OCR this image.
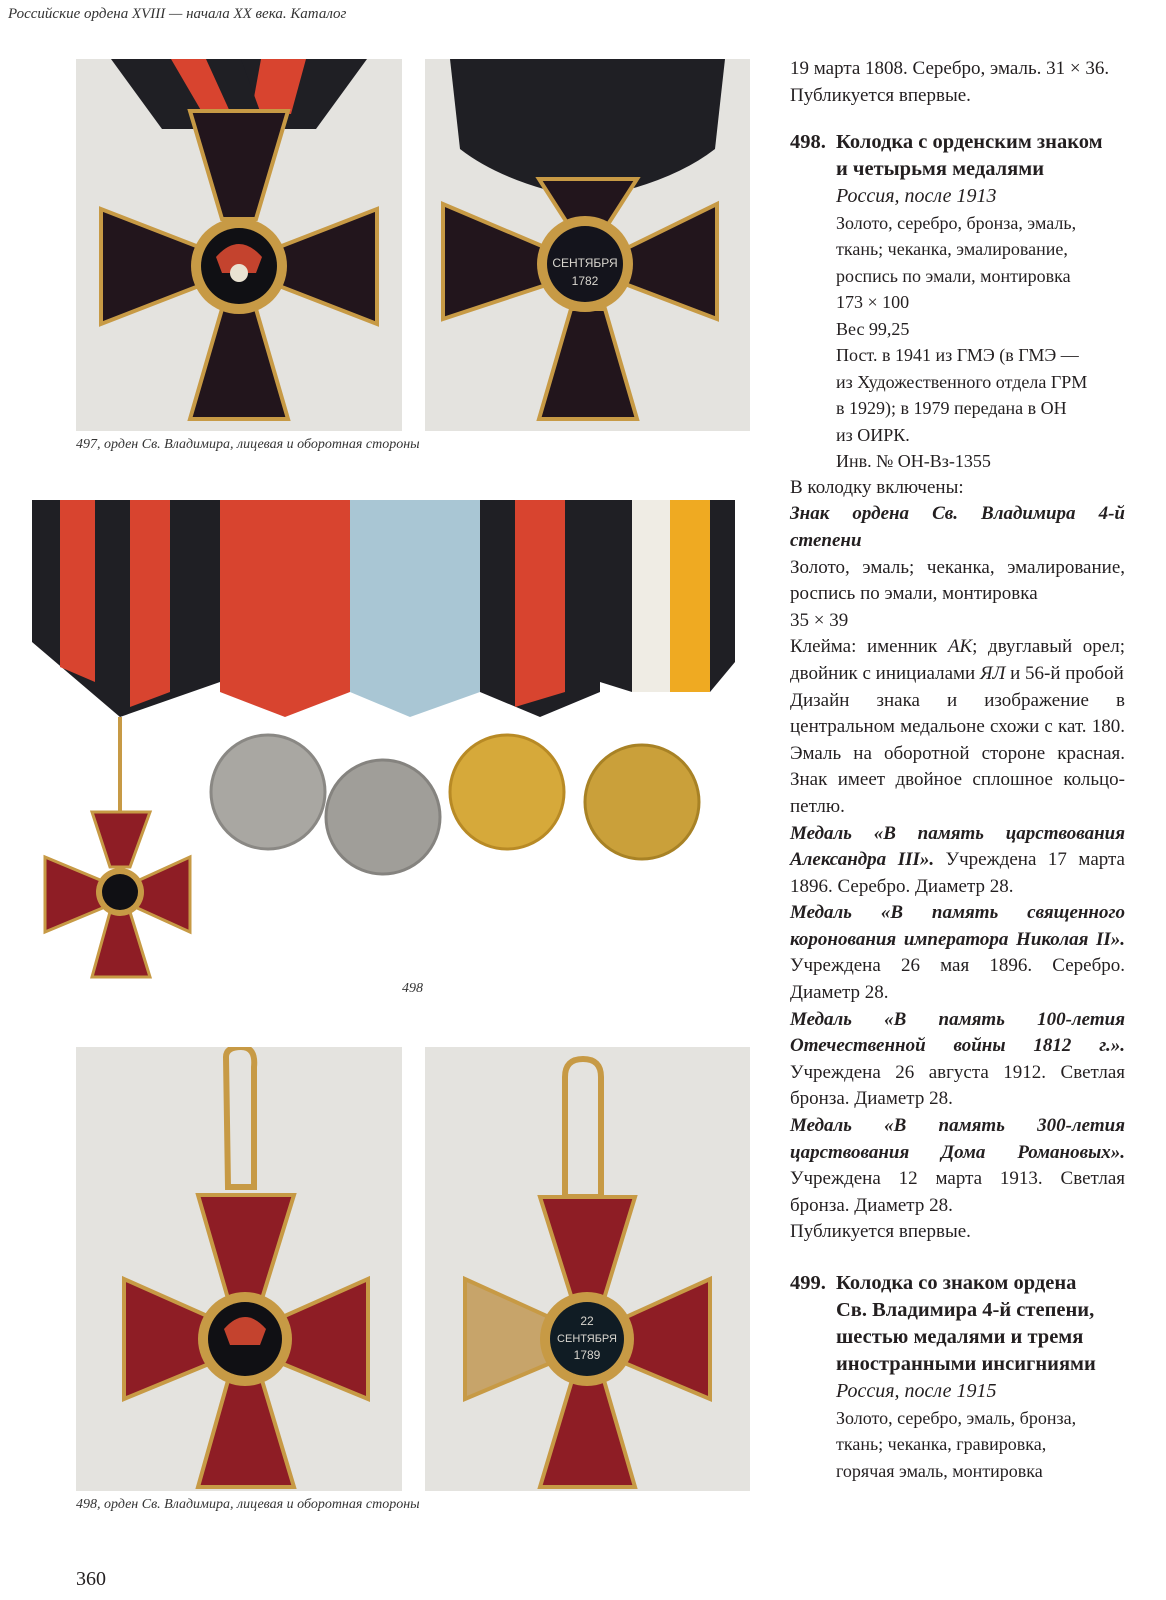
Российские ордена XVIII — начала XX века. Каталог
СЕНТЯБРЯ
1782
497, орден Св. Владимира, лицевая и оборотная стороны
498
22
СЕНТЯБРЯ
1789
498, орден Св. Владимира, лицевая и оборотная стороны
360

19 марта 1808. Серебро, эмаль. 31 × 36.

Публикуется впервые.

498. Колодка с орденским знаком
и четырьмя медалями
Россия, после 1913
Золото, серебро, бронза, эмаль,
ткань; чеканка, эмалирование,
роспись по эмали, монтировка
173 × 100
Вес 99,25
Пост. в 1941 из ГМЭ (в ГМЭ —
из Художественного отдела ГРМ
в 1929); в 1979 передана в ОН
из ОИРК.
Инв. № ОН-Вз-1355

В колодку включены:

Знак ордена Св. Владимира 4-й степени

Золото, эмаль; чеканка, эмалирование, роспись по эмали, монтировка

35 × 39

Клейма: именник АК; двуглавый орел; двойник с инициалами ЯЛ и 56-й пробой

Дизайн знака и изображение в центральном медальоне схожи с кат. 180. Эмаль на оборотной стороне красная. Знак имеет двойное сплошное кольцо-петлю.

Медаль «В память царствования Александра III». Учреждена 17 марта 1896. Серебро. Диаметр 28.

Медаль «В память священного коронования императора Николая II». Учреждена 26 мая 1896. Серебро. Диаметр 28.

Медаль «В память 100-летия Отечественной войны 1812 г.». Учреждена 26 августа 1912. Светлая бронза. Диаметр 28.

Медаль «В память 300-летия царствования Дома Романовых». Учреждена 12 марта 1913. Светлая бронза. Диаметр 28.

Публикуется впервые.

499. Колодка со знаком ордена
Св. Владимира 4-й степени,
шестью медалями и тремя
иностранными инсигниями
Россия, после 1915
Золото, серебро, эмаль, бронза,
ткань; чеканка, гравировка,
горячая эмаль, монтировка
